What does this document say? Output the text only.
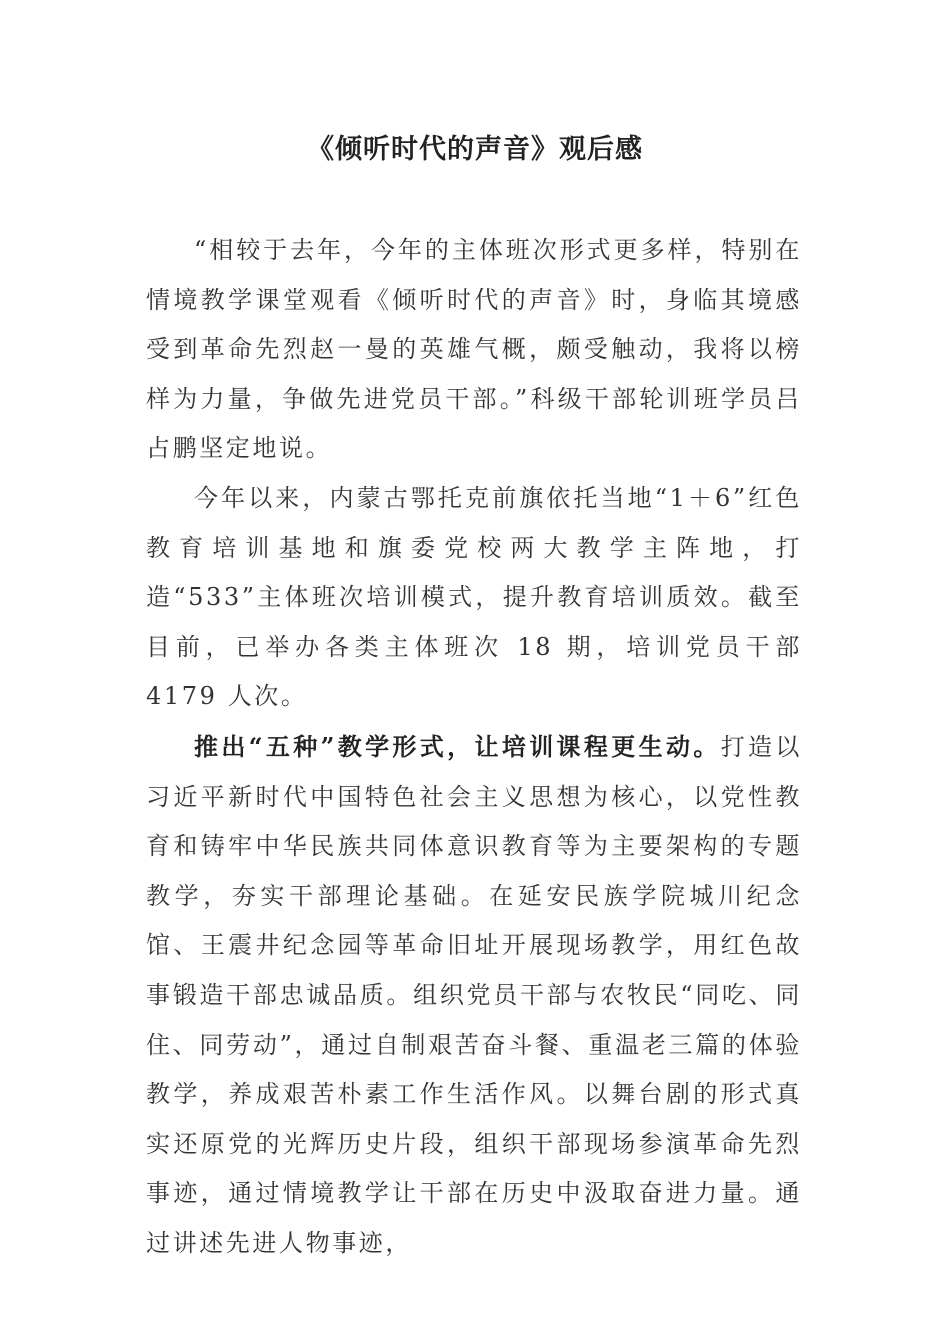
《倾听时代的声音》观后感

“相较于去年，今年的主体班次形式更多样，特别在情境教学课堂观看《倾听时代的声音》时，身临其境感受到革命先烈赵一曼的英雄气概，颇受触动，我将以榜样为力量，争做先进党员干部。”科级干部轮训班学员吕占鹏坚定地说。

今年以来，内蒙古鄂托克前旗依托当地“1＋6”红色教育培训基地和旗委党校两大教学主阵地，打造“533”主体班次培训模式，提升教育培训质效。截至目前，已举办各类主体班次 18 期，培训党员干部 4179 人次。

推出“五种”教学形式，让培训课程更生动。打造以习近平新时代中国特色社会主义思想为核心，以党性教育和铸牢中华民族共同体意识教育等为主要架构的专题教学，夯实干部理论基础。在延安民族学院城川纪念馆、王震井纪念园等革命旧址开展现场教学，用红色故事锻造干部忠诚品质。组织党员干部与农牧民“同吃、同住、同劳动”，通过自制艰苦奋斗餐、重温老三篇的体验教学，养成艰苦朴素工作生活作风。以舞台剧的形式真实还原党的光辉历史片段，组织干部现场参演革命先烈事迹，通过情境教学让干部在历史中汲取奋进力量。通过讲述先进人物事迹，
